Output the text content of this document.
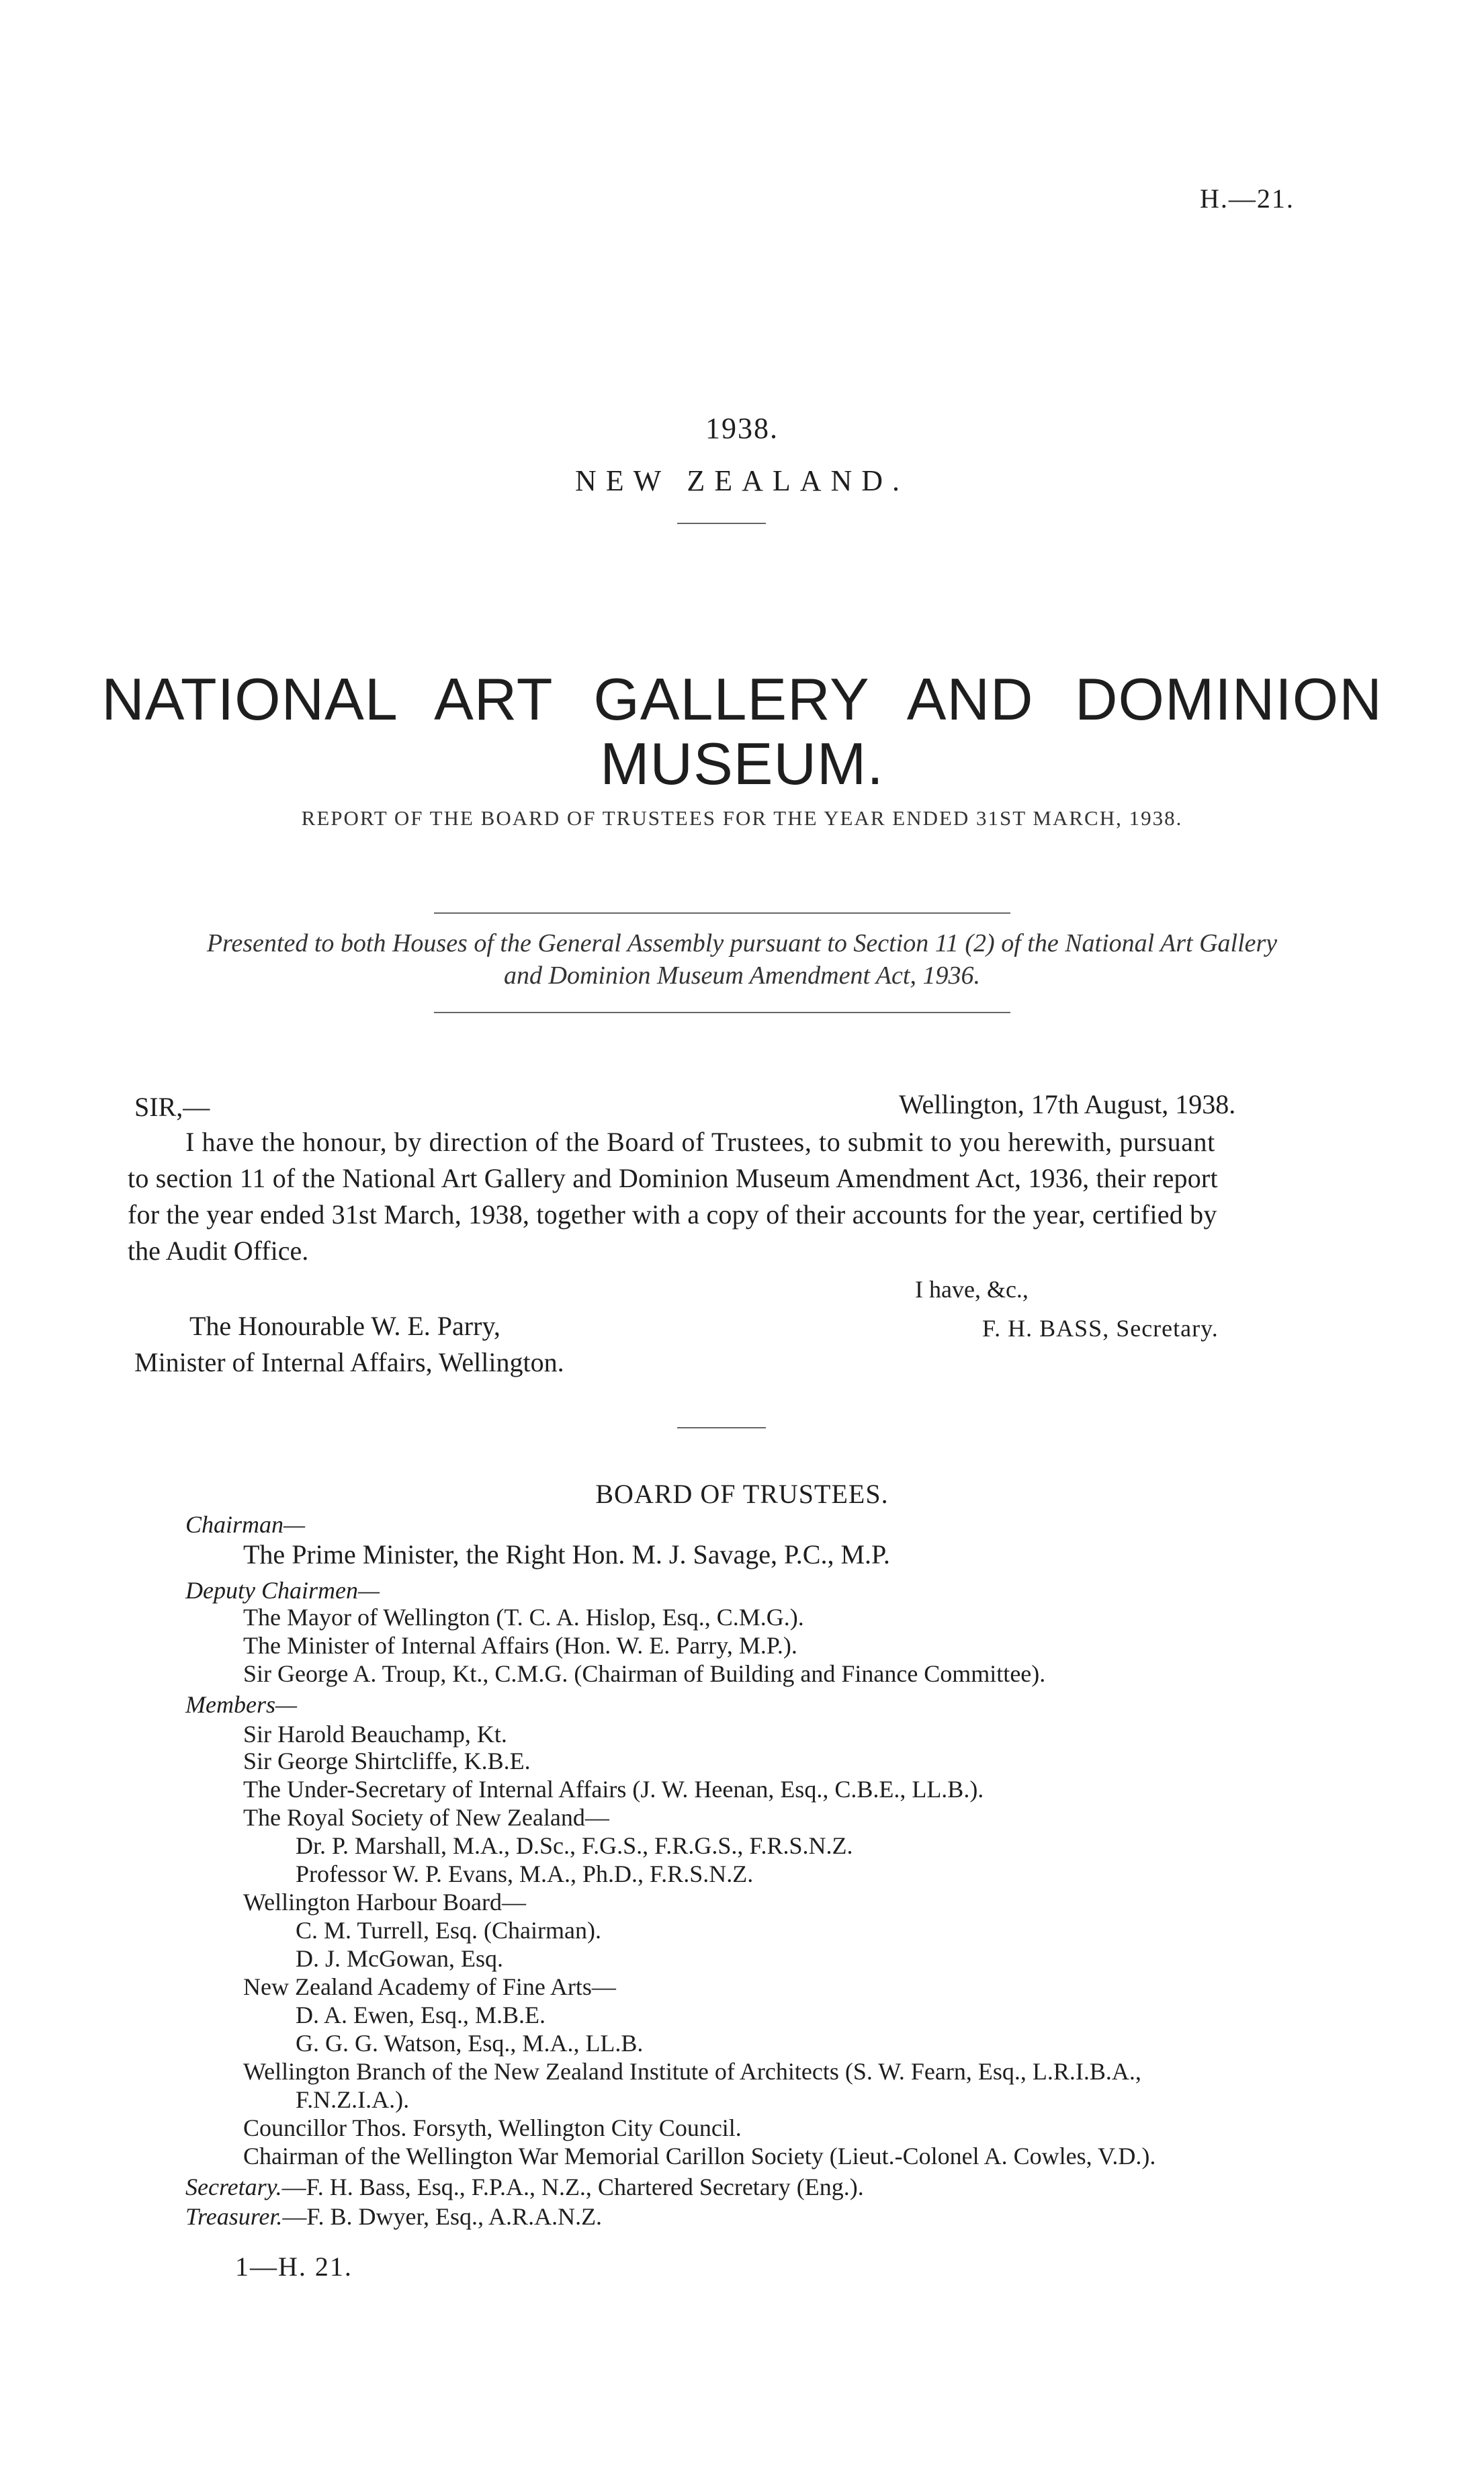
H.—21.
1938.
NEW ZEALAND.
NATIONAL ART GALLERY AND DOMINION
MUSEUM.
REPORT OF THE BOARD OF TRUSTEES FOR THE YEAR ENDED 31ST MARCH, 1938.
Presented to both Houses of the General Assembly pursuant to Section 11 (2) of the National Art Gallery
and Dominion Museum Amendment Act, 1936.
SIR,—	Wellington, 17th August, 1938.
I have the honour, by direction of the Board of Trustees, to submit to you herewith, pursuant
to section 11 of the National Art Gallery and Dominion Museum Amendment Act, 1936, their report
for the year ended 31st March, 1938, together with a copy of their accounts for the year, certified by
the Audit Office.
I have, &c.,
F. H. BASS, Secretary.
The Honourable W. E. Parry,
Minister of Internal Affairs, Wellington.
BOARD OF TRUSTEES.
Chairman—
The Prime Minister, the Right Hon. M. J. Savage, P.C., M.P.
Deputy Chairmen—
The Mayor of Wellington (T. C. A. Hislop, Esq., C.M.G.).
The Minister of Internal Affairs (Hon. W. E. Parry, M.P.).
Sir George A. Troup, Kt., C.M.G. (Chairman of Building and Finance Committee).
Members—
Sir Harold Beauchamp, Kt.
Sir George Shirtcliffe, K.B.E.
The Under-Secretary of Internal Affairs (J. W. Heenan, Esq., C.B.E., LL.B.).
The Royal Society of New Zealand—
Dr. P. Marshall, M.A., D.Sc., F.G.S., F.R.G.S., F.R.S.N.Z.
Professor W. P. Evans, M.A., Ph.D., F.R.S.N.Z.
Wellington Harbour Board—
C. M. Turrell, Esq. (Chairman).
D. J. McGowan, Esq.
New Zealand Academy of Fine Arts—
D. A. Ewen, Esq., M.B.E.
G. G. G. Watson, Esq., M.A., LL.B.
Wellington Branch of the New Zealand Institute of Architects (S. W. Fearn, Esq., L.R.I.B.A.,
F.N.Z.I.A.).
Councillor Thos. Forsyth, Wellington City Council.
Chairman of the Wellington War Memorial Carillon Society (Lieut.-Colonel A. Cowles, V.D.).
Secretary.—F. H. Bass, Esq., F.P.A., N.Z., Chartered Secretary (Eng.).
Treasurer.—F. B. Dwyer, Esq., A.R.A.N.Z.
1—H. 21.
